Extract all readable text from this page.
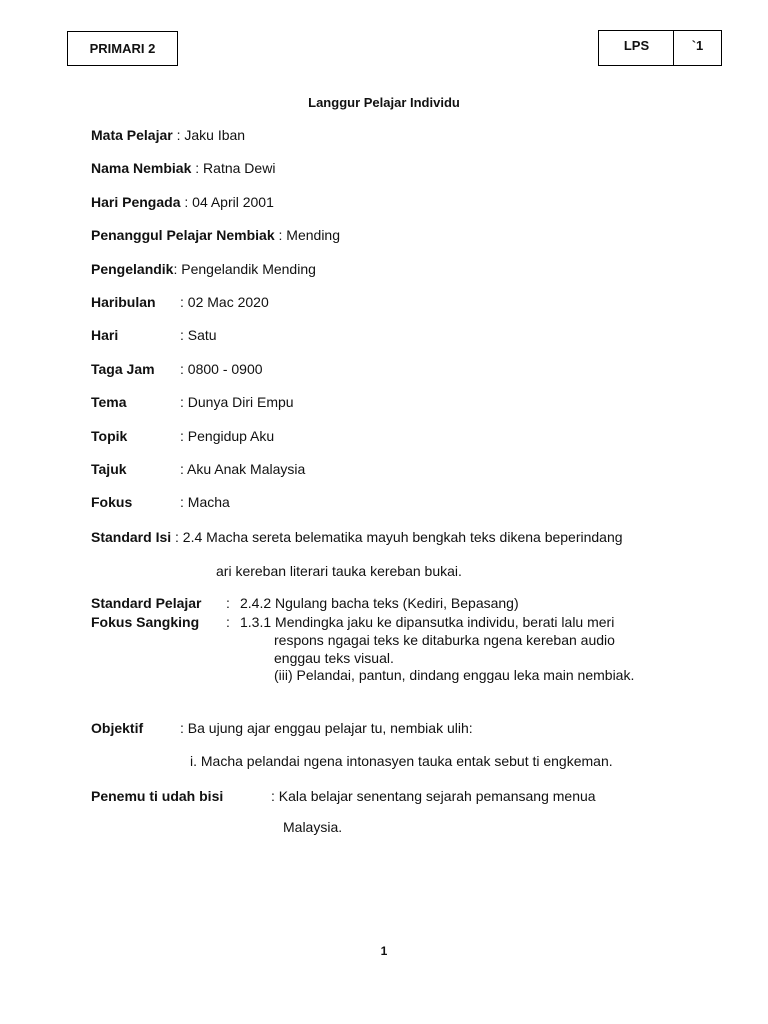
PRIMARI 2	LPS	`1
Langgur Pelajar Individu
Mata Pelajar : Jaku Iban
Nama Nembiak : Ratna Dewi
Hari Pengada : 04 April 2001
Penanggul Pelajar Nembiak : Mending
Pengelandik: Pengelandik Mending
Haribulan : 02 Mac 2020
Hari	: Satu
Taga Jam : 0800 - 0900
Tema	: Dunya Diri Empu
Topik	: Pengidup Aku
Tajuk	: Aku Anak Malaysia
Fokus	: Macha
Standard Isi : 2.4 Macha sereta belematika mayuh bengkah teks dikena beperindang
ari kereban literari tauka kereban bukai.
Standard Pelajar : 2.4.2 Ngulang bacha teks (Kediri, Bepasang)
Fokus Sangking : 1.3.1 Mendingka jaku ke dipansutka individu, berati lalu meri
respons ngagai teks ke ditaburka ngena kereban audio
enggau teks visual.
(iii) Pelandai, pantun, dindang enggau leka main nembiak.
Objektif	: Ba ujung ajar enggau pelajar tu, nembiak ulih:
i. Macha pelandai ngena intonasyen tauka entak sebut ti engkeman.
Penemu ti udah bisi	: Kala belajar senentang sejarah pemansang menua
Malaysia.
1
